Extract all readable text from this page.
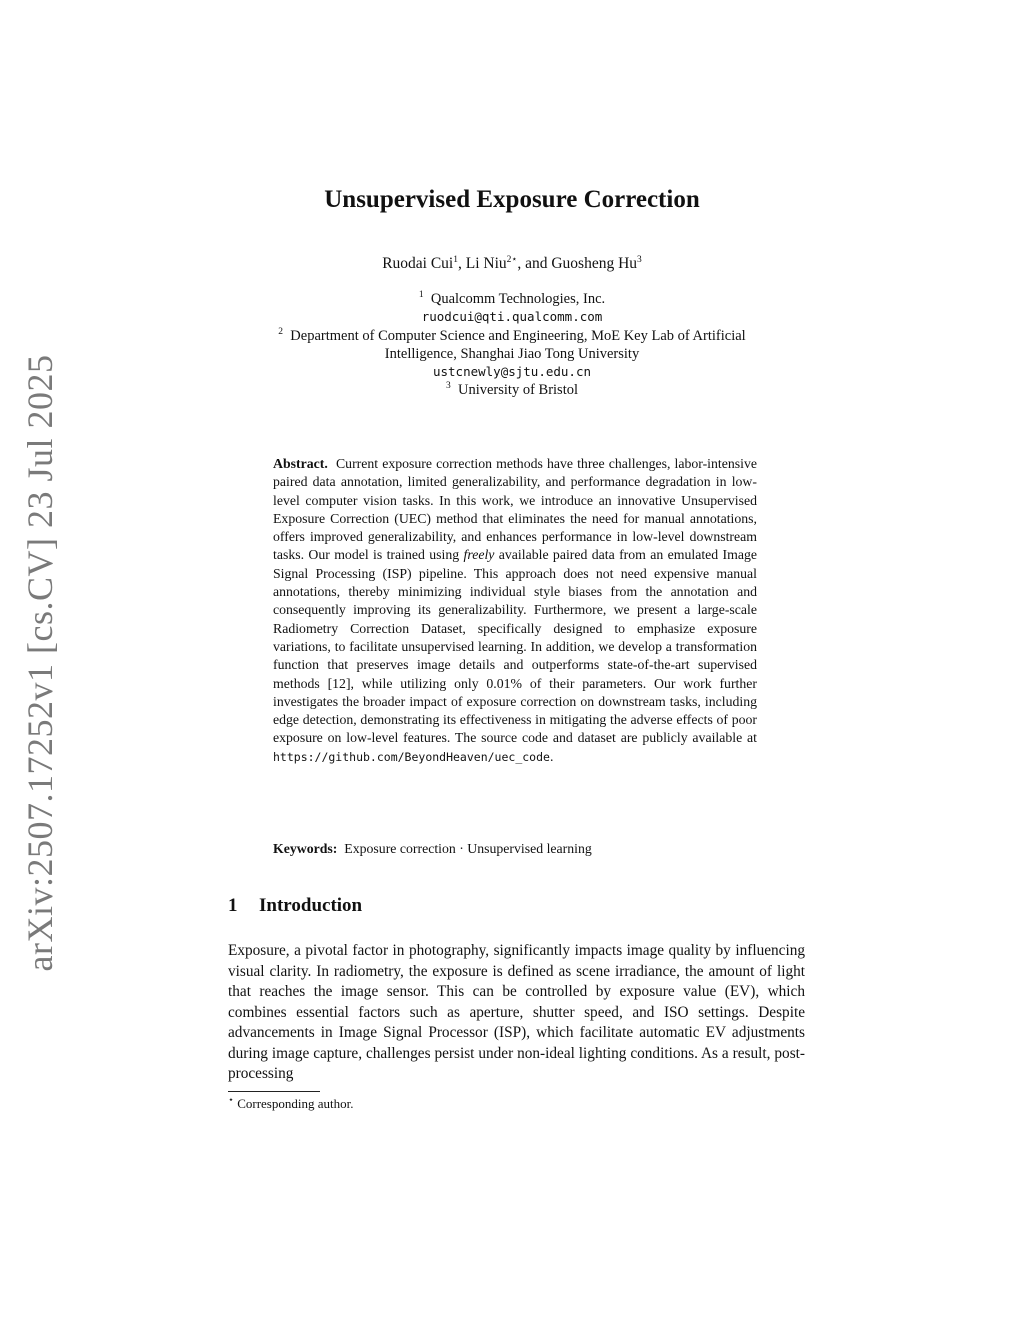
arXiv:2507.17252v1 [cs.CV] 23 Jul 2025
Unsupervised Exposure Correction
Ruodai Cui$^1$, Li Niu$^{2⋆}$, and Guosheng Hu$^3$
$^1$ Qualcomm Technologies, Inc.
ruodcui@qti.qualcomm.com
$^2$ Department of Computer Science and Engineering, MoE Key Lab of Artificial
Intelligence, Shanghai Jiao Tong University
ustcnewly@sjtu.edu.cn
$^3$ University of Bristol
Abstract. Current exposure correction methods have three challenges, labor-intensive paired data annotation, limited generalizability, and performance degradation in low-level computer vision tasks. In this work, we introduce an innovative Unsupervised Exposure Correction (UEC) method that eliminates the need for manual annotations, offers improved generalizability, and enhances performance in low-level downstream tasks. Our model is trained using freely available paired data from an emulated Image Signal Processing (ISP) pipeline. This approach does not need expensive manual annotations, thereby minimizing individual style biases from the annotation and consequently improving its generalizability. Furthermore, we present a large-scale Radiometry Correction Dataset, specifically designed to emphasize exposure variations, to facilitate unsupervised learning. In addition, we develop a transformation function that preserves image details and outperforms state-of-the-art supervised methods [12], while utilizing only 0.01% of their parameters. Our work further investigates the broader impact of exposure correction on downstream tasks, including edge detection, demonstrating its effectiveness in mitigating the adverse effects of poor exposure on low-level features. The source code and dataset are publicly available at https://github.com/BeyondHeaven/uec_code.
Keywords: Exposure correction · Unsupervised learning
1 Introduction

Exposure, a pivotal factor in photography, significantly impacts image quality by influencing visual clarity. In radiometry, the exposure is defined as scene irradiance, the amount of light that reaches the image sensor. This can be controlled by exposure value (EV), which combines essential factors such as aperture, shutter speed, and ISO settings. Despite advancements in Image Signal Processor (ISP), which facilitate automatic EV adjustments during image capture, challenges persist under non-ideal lighting conditions. As a result, post-processing

⋆ Corresponding author.
